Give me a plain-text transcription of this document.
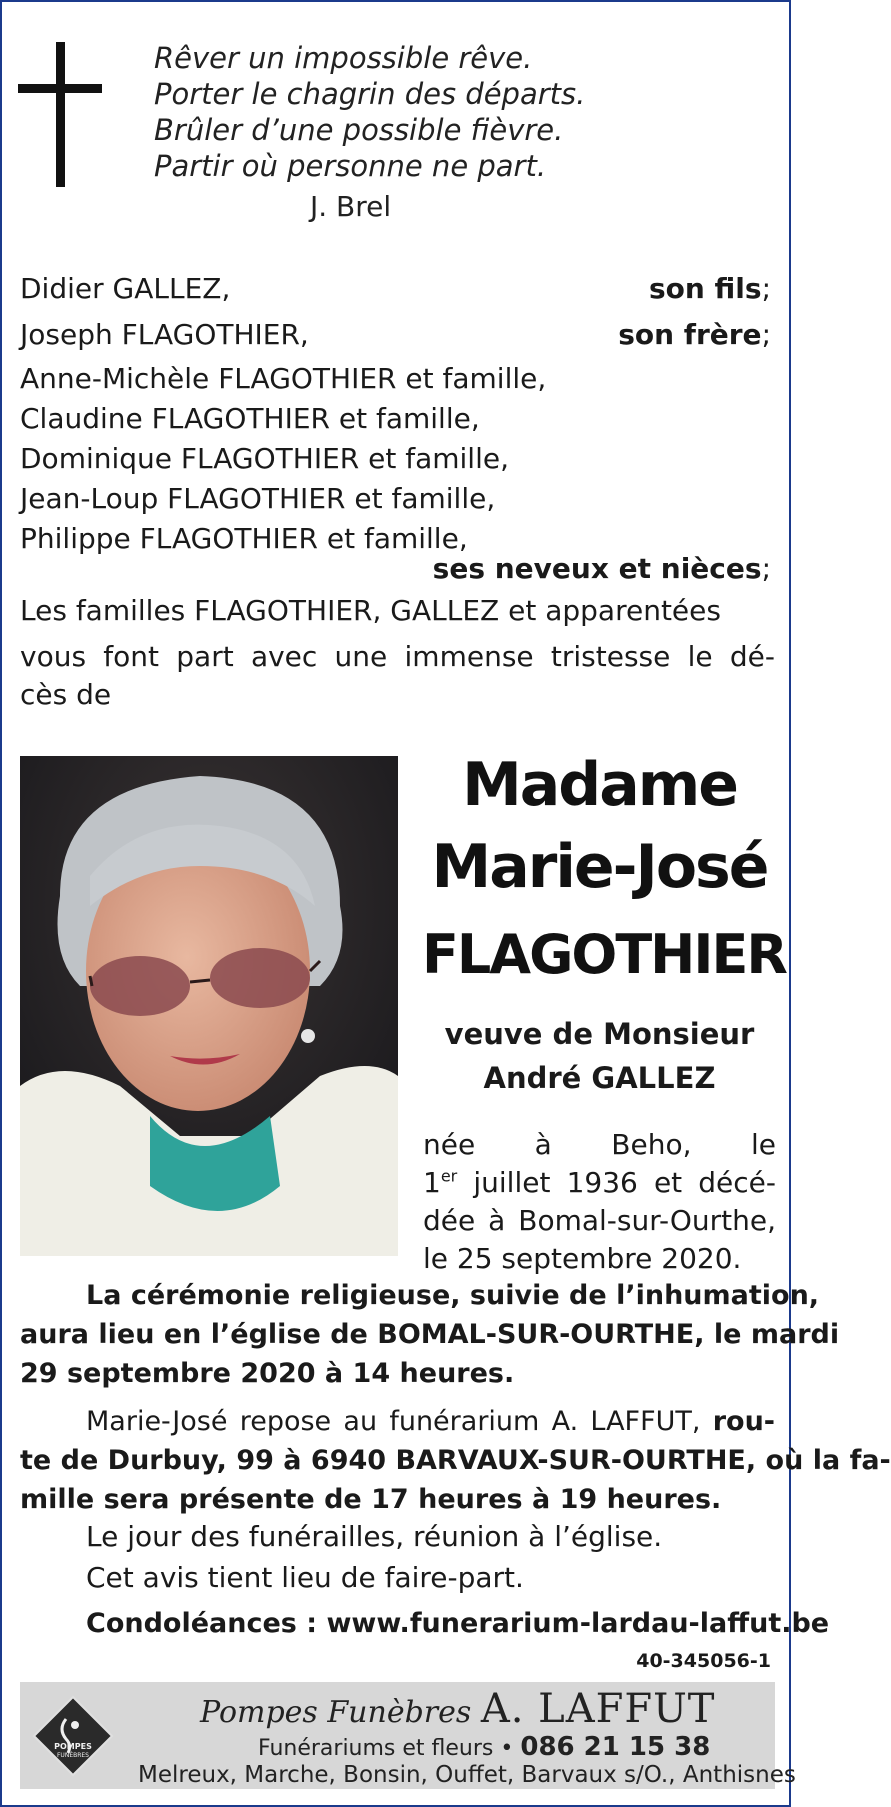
Rêver un impossible rêve.
Porter le chagrin des départs.
Brûler d’une possible fièvre.
Partir où personne ne part.
J. Brel
Didier GALLEZ,	son fils;
Joseph FLAGOTHIER,	son frère;
Anne-Michèle FLAGOTHIER et famille,
Claudine FLAGOTHIER et famille,
Dominique FLAGOTHIER et famille,
Jean-Loup FLAGOTHIER et famille,
Philippe FLAGOTHIER et famille,
ses neveux et nièces;
Les familles FLAGOTHIER, GALLEZ et apparentées
vous font part avec une immense tristesse le dé-
cès de
Madame
Marie-José
FLAGOTHIER
veuve de Monsieur
André GALLEZ
née à Beho, le
1er juillet 1936 et décé-
dée à Bomal-sur-Ourthe,
le 25 septembre 2020.
La cérémonie religieuse, suivie de l’inhumation,
aura lieu en l’église de BOMAL-SUR-OURTHE, le mardi
29 septembre 2020 à 14 heures.
Marie-José repose au funérarium A. LAFFUT, rou-
te de Durbuy, 99 à 6940 BARVAUX-SUR-OURTHE, où la fa-
mille sera présente de 17 heures à 19 heures.
Le jour des funérailles, réunion à l’église.
Cet avis tient lieu de faire-part.
Condoléances : www.funerarium-lardau-laffut.be
40-345056-1
POMPES
FUNÈBRES
Pompes Funèbres A. LAFFUT
Funérariums et fleurs • 086 21 15 38
Melreux, Marche, Bonsin, Ouffet, Barvaux s/O., Anthisnes
